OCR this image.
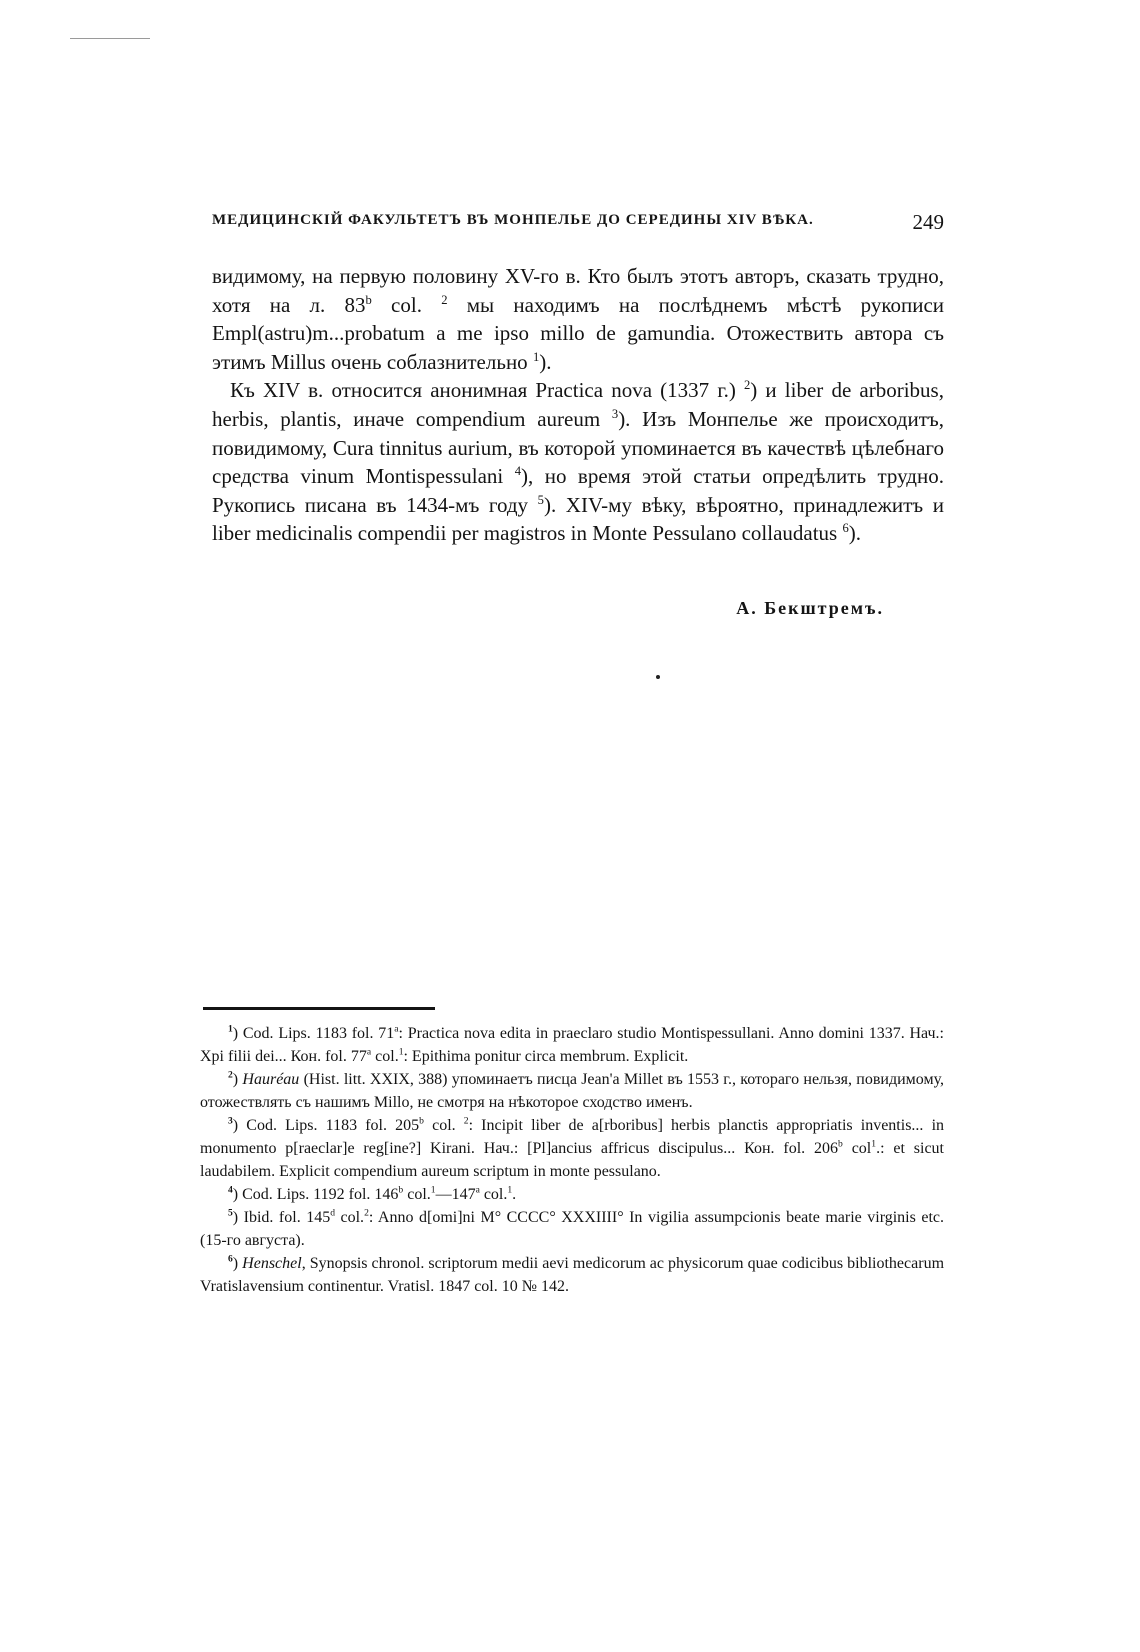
МЕДИЦИНСКІЙ ФАКУЛЬТЕТЪ ВЪ МОНПЕЛЬЕ ДО СЕРЕДИНЫ XIV ВѢКА.	249

видимому, на первую половину XV-го в. Кто былъ этотъ авторъ, сказать трудно, хотя на л. 83$^b$ col. $^2$ мы находимъ на послѣднемъ мѣстѣ рукописи Empl(astru)m...probatum a me ipso millo de gamundia. Отожествить автора съ этимъ Millus очень соблазнительно $^1$).

Къ XIV в. относится анонимная Practica nova (1337 г.) $^2$) и liber de arboribus, herbis, plantis, иначе compendium aureum $^3$). Изъ Монпелье же происходитъ, повидимому, Cura tinnitus aurium, въ которой упоминается въ качествѣ цѣлебнаго средства vinum Montispessulani $^4$), но время этой статьи опредѣлить трудно. Рукопись писана въ 1434-мъ году $^5$). XIV-му вѣку, вѣроятно, принадлежитъ и liber medicinalis compendii per magistros in Monte Pessulano collaudatus $^6$).

А. Бекштремъ.

$^1$) Cod. Lips. 1183 fol. 71$^a$: Practica nova edita in praeclaro studio Montispessullani. Anno domini 1337. Нач.: Xpi filii dei... Кон. fol. 77$^a$ col.$^1$: Epithima ponitur circa membrum. Explicit.

$^2$) Hauréau (Hist. litt. XXIX, 388) упоминаетъ писца Jean'a Millet въ 1553 г., котораго нельзя, повидимому, отожествлять съ нашимъ Millo, не смотря на нѣкоторое сходство именъ.

$^3$) Cod. Lips. 1183 fol. 205$^b$ col. $^2$: Incipit liber de a[rboribus] herbis planctis appropriatis inventis... in monumento p[raeclar]e reg[ine?] Kirani. Нач.: [Pl]ancius affricus discipulus... Кон. fol. 206$^b$ col$^1$.: et sicut laudabilem. Explicit compendium aureum scriptum in monte pessulano.

$^4$) Cod. Lips. 1192 fol. 146$^b$ col.$^1$—147$^a$ col.$^1$.

$^5$) Ibid. fol. 145$^d$ col.$^2$: Anno d[omi]ni M° CCCC° XXXIIII° In vigilia assumpcionis beate marie virginis etc. (15-го августа).

$^6$) Henschel, Synopsis chronol. scriptorum medii aevi medicorum ac physicorum quae codicibus bibliothecarum Vratislavensium continentur. Vratisl. 1847 col. 10 № 142.
